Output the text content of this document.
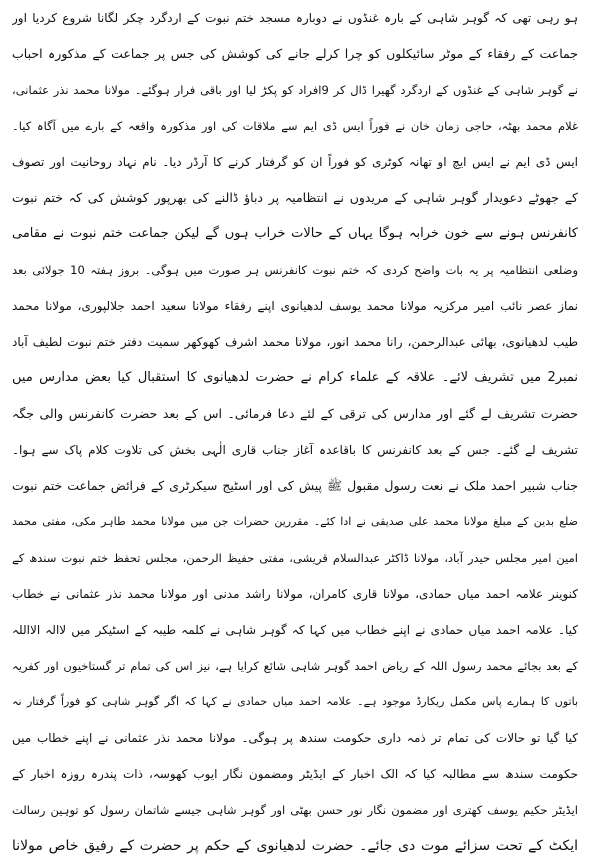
ہو رہی تھی کہ گوہر شاہی کے بارہ غنڈوں نے دوبارہ مسجد ختم نبوت کے اردگرد چکر لگانا شروع کردیا اور
جماعت کے رفقاء کے موٹر سائیکلوں کو چرا کرلے جانے کی کوشش کی جس پر جماعت کے مذکورہ احباب
نے گوہر شاہی کے غنڈوں کے اردگرد گھیرا ڈال کر 9افراد کو پکڑ لیا اور باقی فرار ہوگئے۔ مولانا محمد نذر عثمانی،
غلام محمد بھٹہ، حاجی زمان خان نے فوراً ایس ڈی ایم سے ملاقات کی اور مذکورہ واقعہ کے بارے میں آگاہ کیا۔
ایس ڈی ایم نے ایس ایچ او تھانہ کوٹری کو فوراً ان کو گرفتار کرنے کا آرڈر دیا۔ نام نہاد روحانیت اور تصوف
کے جھوٹے دعویدار گوہر شاہی کے مریدوں نے انتظامیہ پر دباؤ ڈالنے کی بھرپور کوشش کی کہ ختم نبوت
کانفرنس ہونے سے خون خرابہ ہوگا یہاں کے حالات خراب ہوں گے لیکن جماعت ختم نبوت نے مقامی
وضلعی انتظامیہ پر یہ بات واضح کردی کہ ختم نبوت کانفرنس ہر صورت میں ہوگی۔ بروز ہفتہ 10 جولائی بعد
نماز عصر نائب امیر مرکزیہ مولانا محمد یوسف لدھیانوی اپنے رفقاء مولانا سعید احمد جلالپوری، مولانا محمد
طیب لدھیانوی، بھائی عبدالرحمن، رانا محمد انور، مولانا محمد اشرف کھوکھر سمیت دفتر ختم نبوت لطیف آباد
نمبر2 میں تشریف لائے۔ علاقہ کے علماء کرام نے حضرت لدھیانوی کا استقبال کیا بعض مدارس میں
حضرت تشریف لے گئے اور مدارس کی ترقی کے لئے دعا فرمائی۔ اس کے بعد حضرت کانفرنس والی جگہ
تشریف لے گئے۔ جس کے بعد کانفرنس کا باقاعدہ آغاز جناب قاری الٰہی بخش کی تلاوت کلام پاک سے ہوا۔
جناب شبیر احمد ملک نے نعت رسول مقبول ﷺ پیش کی اور اسٹیج سیکرٹری کے فرائض جماعت ختم نبوت
ضلع بدین کے مبلغ مولانا محمد علی صدیقی نے ادا کئے۔ مقررین حضرات جن میں مولانا محمد طاہر مکی، مفتی محمد
امین امیر مجلس حیدر آباد، مولانا ڈاکٹر عبدالسلام قریشی، مفتی حفیظ الرحمن، مجلس تحفظ ختم نبوت سندھ کے
کنوینر علامہ احمد میاں حمادی، مولانا قاری کامران، مولانا راشد مدنی اور مولانا محمد نذر عثمانی نے خطاب
کیا۔ علامہ احمد میاں حمادی نے اپنے خطاب میں کہا کہ گوہر شاہی نے کلمہ طیبہ کے اسٹیکر میں لاالہ الااللہ
کے بعد بجائے محمد رسول اللہ کے ریاض احمد گوہر شاہی شائع کرایا ہے، نیز اس کی تمام تر گستاخیوں اور کفریہ
باتوں کا ہمارے پاس مکمل ریکارڈ موجود ہے۔ علامہ احمد میاں حمادی نے کہا کہ اگر گوہر شاہی کو فوراً گرفتار نہ
کیا گیا تو حالات کی تمام تر ذمہ داری حکومت سندھ پر ہوگی۔ مولانا محمد نذر عثمانی نے اپنے خطاب میں
حکومت سندھ سے مطالبہ کیا کہ الک اخبار کے ایڈیٹر ومضمون نگار ایوب کھوسہ، ذات پندرہ روزہ اخبار کے
ایڈیٹر حکیم یوسف کھتری اور مضمون نگار نور حسن بھٹی اور گوہر شاہی جیسے شاتمان رسول کو توہین رسالت
ایکٹ کے تحت سزائے موت دی جائے۔ حضرت لدھیانوی کے حکم پر حضرت کے رفیق خاص مولانا
